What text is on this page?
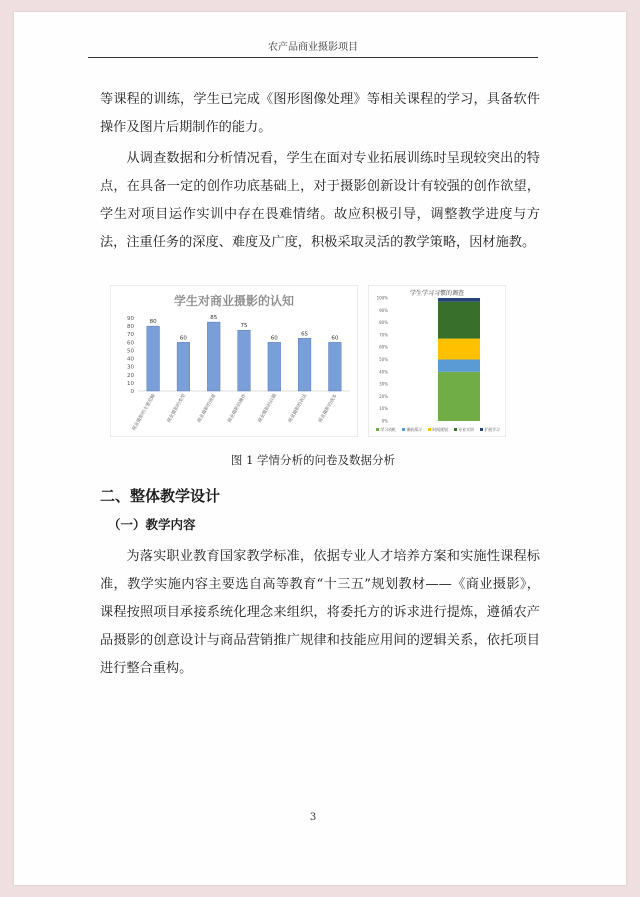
农产品商业摄影项目

等课程的训练，学生已完成《图形图像处理》等相关课程的学习，具备软件操作及图片后期制作的能力。

从调查数据和分析情况看，学生在面对专业拓展训练时呈现较突出的特点，在具备一定的创作功底基础上，对于摄影创新设计有较强的创作欲望，学生对项目运作实训中存在畏难情绪。故应积极引导，调整教学进度与方法，注重任务的深度、难度及广度，积极采取灵活的教学策略，因材施教。

学生对商业摄影的认知
0
10
20
30
40
50
60
70
80
90
80
60
85
75
60
65
60
商业摄影的主要范畴	商业摄影的类型	商业摄影的创意	商业摄影的操作	商业摄影的后期	商业摄影的表达	商业摄影的成本
学生学习习惯的调查
0%
10%
20%
30%
40%
50%
60%
70%
80%
90%
100%
学习动机	课前预习	时间规划	专业实训	扩展学习
图 1 学情分析的问卷及数据分析
二、整体教学设计
（一）教学内容

为落实职业教育国家教学标准，依据专业人才培养方案和实施性课程标准，教学实施内容主要选自高等教育“十三五”规划教材——《商业摄影》，课程按照项目承接系统化理念来组织，将委托方的诉求进行提炼，遵循农产品摄影的创意设计与商品营销推广规律和技能应用间的逻辑关系，依托项目进行整合重构。

3
